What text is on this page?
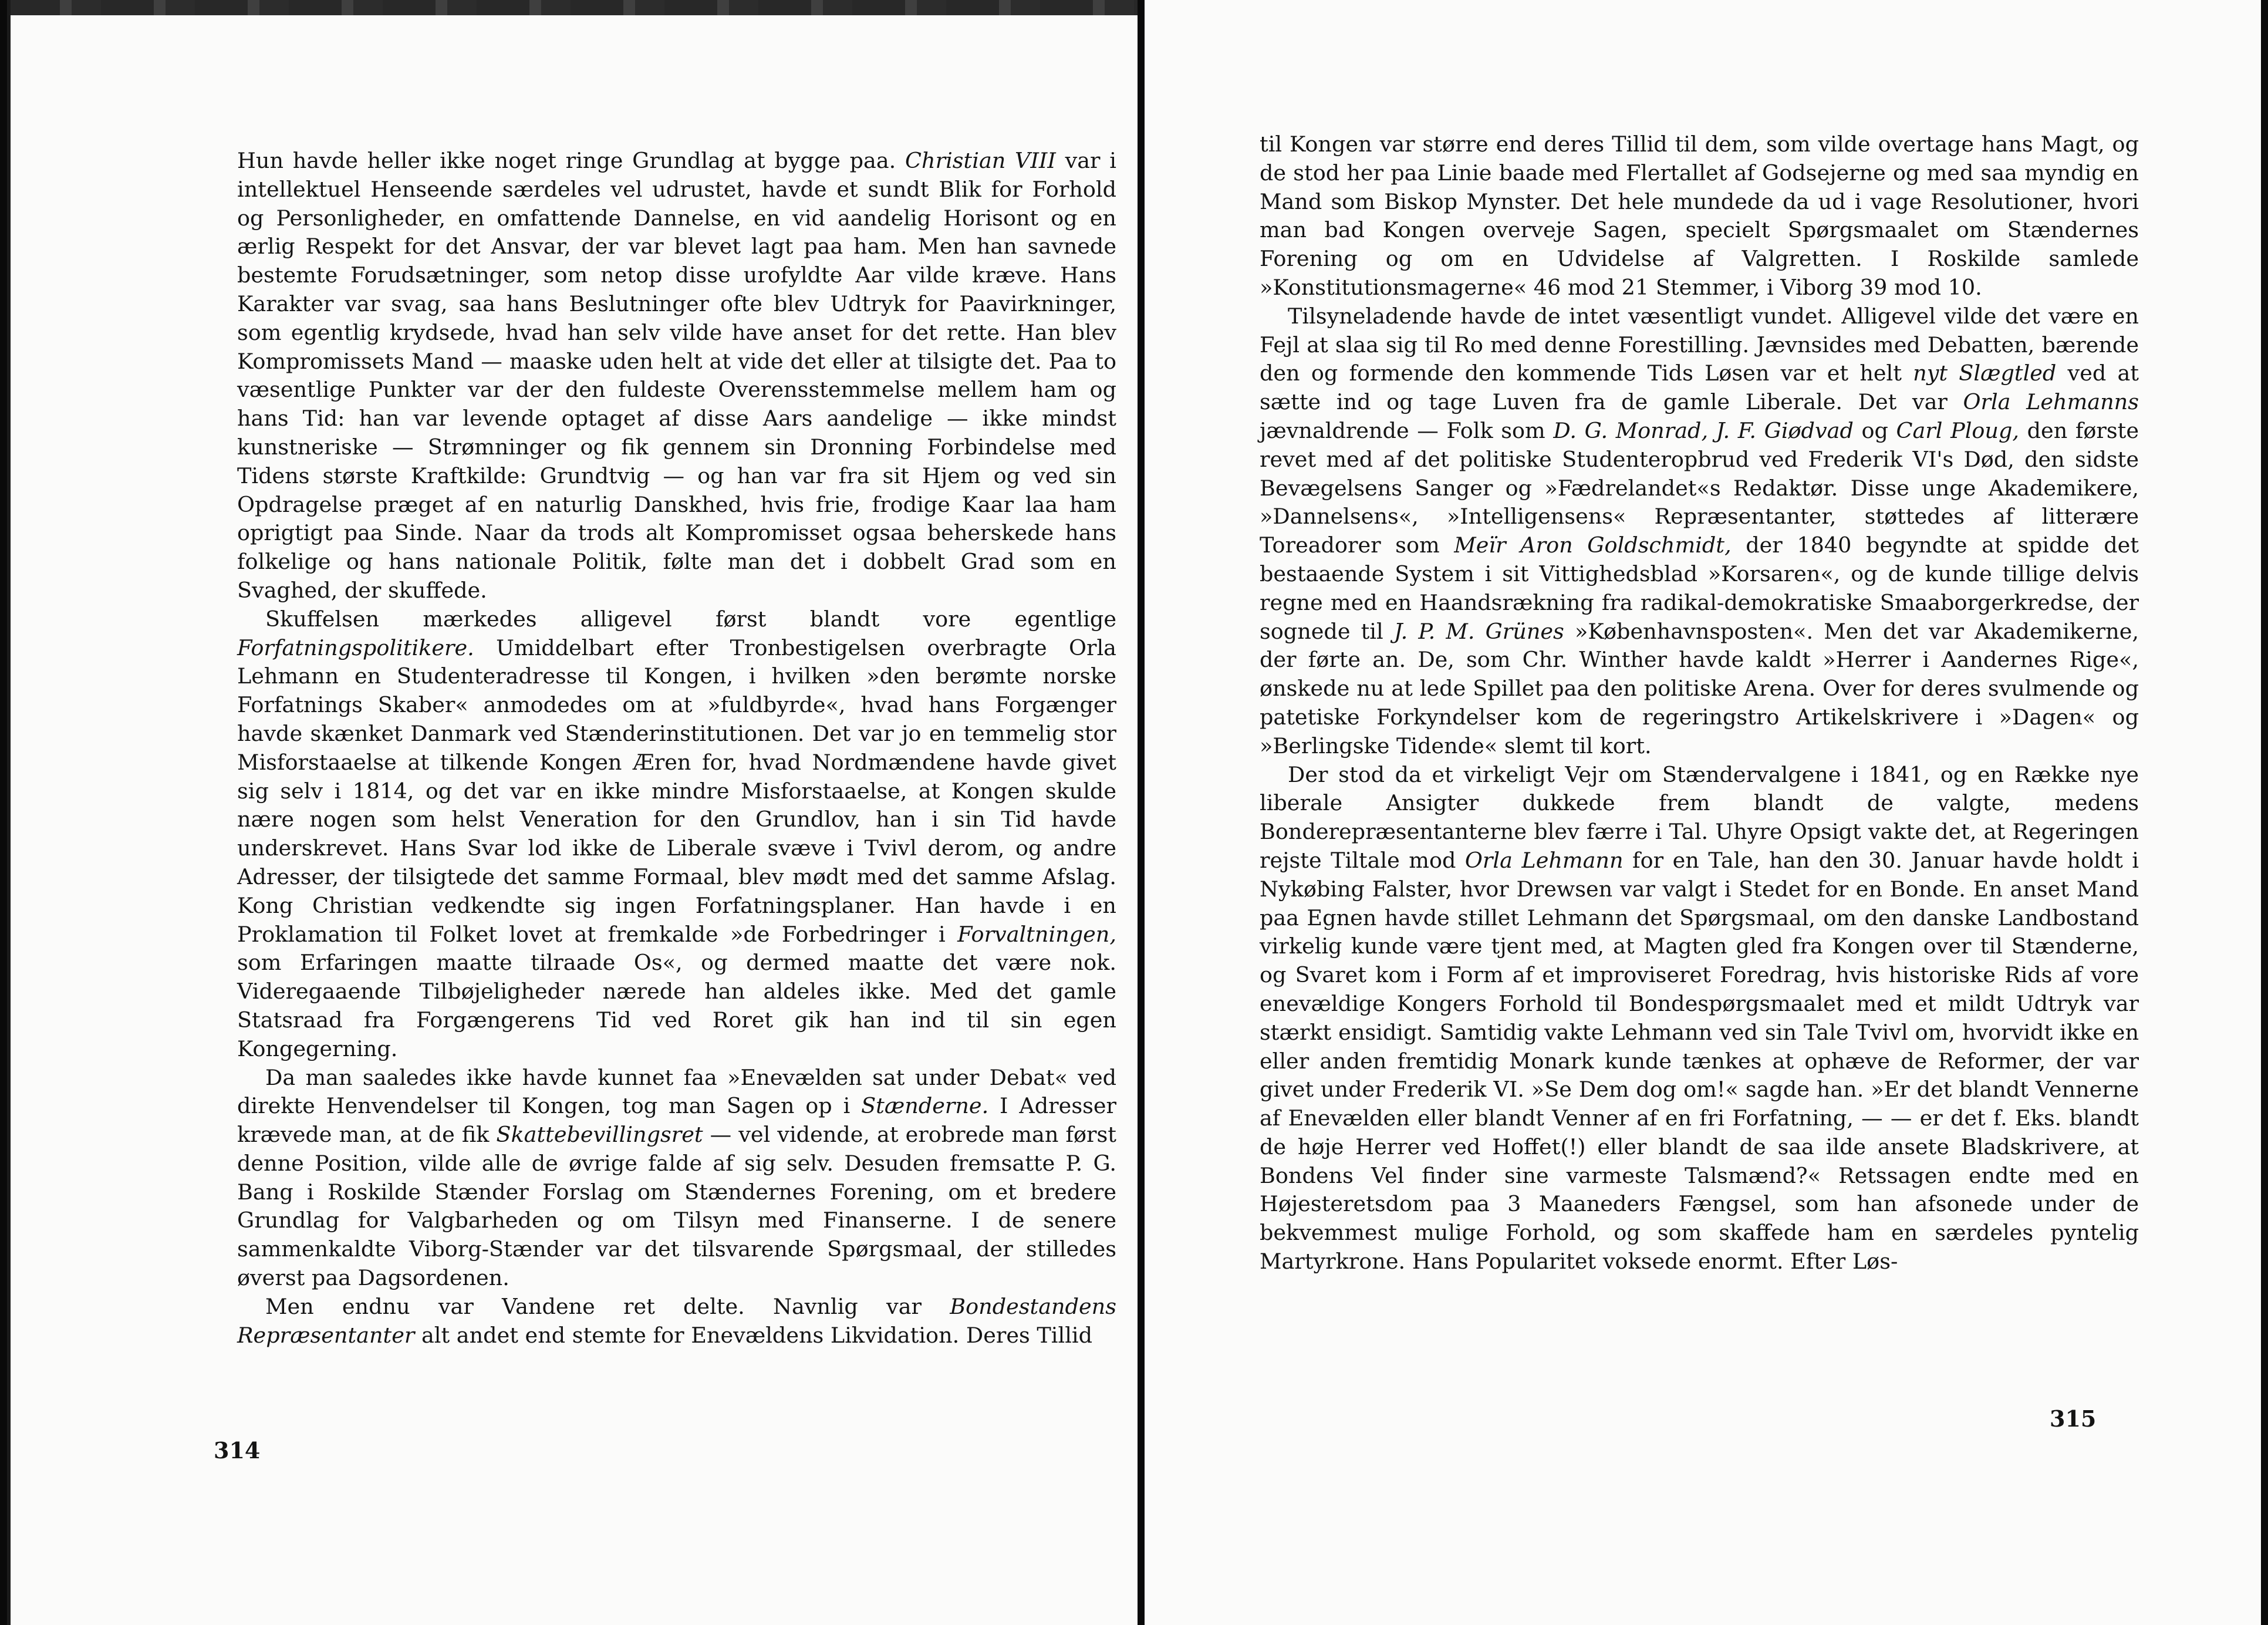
Hun havde heller ikke noget ringe Grundlag at bygge paa. Christian VIII var i intellektuel Henseende særdeles vel udrustet, havde et sundt Blik for Forhold og Personligheder, en omfattende Dannelse, en vid aandelig Horisont og en ærlig Respekt for det Ansvar, der var blevet lagt paa ham. Men han savnede bestemte Forudsætninger, som netop disse urofyldte Aar vilde kræve. Hans Karakter var svag, saa hans Beslutninger ofte blev Udtryk for Paavirkninger, som egentlig krydsede, hvad han selv vilde have anset for det rette. Han blev Kompromissets Mand — maaske uden helt at vide det eller at tilsigte det. Paa to væsentlige Punkter var der den fuldeste Overensstemmelse mellem ham og hans Tid: han var levende optaget af disse Aars aandelige — ikke mindst kunstneriske — Strømninger og fik gennem sin Dronning Forbindelse med Tidens største Kraftkilde: Grundtvig — og han var fra sit Hjem og ved sin Opdragelse præget af en naturlig Danskhed, hvis frie, frodige Kaar laa ham oprigtigt paa Sinde. Naar da trods alt Kompromisset ogsaa beherskede hans folkelige og hans nationale Politik, følte man det i dobbelt Grad som en Svaghed, der skuffede.

Skuffelsen mærkedes alligevel først blandt vore egentlige Forfatningspolitikere. Umiddelbart efter Tronbestigelsen overbragte Orla Lehmann en Studenteradresse til Kongen, i hvilken »den berømte norske Forfatnings Skaber« anmodedes om at »fuldbyrde«, hvad hans Forgænger havde skænket Danmark ved Stænderinstitutionen. Det var jo en temmelig stor Misforstaaelse at tilkende Kongen Æren for, hvad Nordmændene havde givet sig selv i 1814, og det var en ikke mindre Misforstaaelse, at Kongen skulde nære nogen som helst Veneration for den Grundlov, han i sin Tid havde underskrevet. Hans Svar lod ikke de Liberale svæve i Tvivl derom, og andre Adresser, der tilsigtede det samme Formaal, blev mødt med det samme Afslag. Kong Christian vedkendte sig ingen Forfatningsplaner. Han havde i en Proklamation til Folket lovet at fremkalde »de Forbedringer i Forvaltningen, som Erfaringen maatte tilraade Os«, og dermed maatte det være nok. Videregaaende Tilbøjeligheder nærede han aldeles ikke. Med det gamle Statsraad fra Forgængerens Tid ved Roret gik han ind til sin egen Kongegerning.

Da man saaledes ikke havde kunnet faa »Enevælden sat under Debat« ved direkte Henvendelser til Kongen, tog man Sagen op i Stænderne. I Adresser krævede man, at de fik Skattebevillingsret — vel vidende, at erobrede man først denne Position, vilde alle de øvrige falde af sig selv. Desuden fremsatte P. G. Bang i Roskilde Stænder Forslag om Stændernes Forening, om et bredere Grundlag for Valgbarheden og om Tilsyn med Finanserne. I de senere sammenkaldte Viborg-Stænder var det tilsvarende Spørgsmaal, der stilledes øverst paa Dagsordenen.

Men endnu var Vandene ret delte. Navnlig var Bondestandens Repræsentanter alt andet end stemte for Enevældens Likvidation. Deres Tillid

314

til Kongen var større end deres Tillid til dem, som vilde overtage hans Magt, og de stod her paa Linie baade med Flertallet af Godsejerne og med saa myndig en Mand som Biskop Mynster. Det hele mundede da ud i vage Resolutioner, hvori man bad Kongen overveje Sagen, specielt Spørgsmaalet om Stændernes Forening og om en Udvidelse af Valgretten. I Roskilde samlede »Konstitutionsmagerne« 46 mod 21 Stemmer, i Viborg 39 mod 10.

Tilsyneladende havde de intet væsentligt vundet. Alligevel vilde det være en Fejl at slaa sig til Ro med denne Forestilling. Jævnsides med Debatten, bærende den og formende den kommende Tids Løsen var et helt nyt Slægtled ved at sætte ind og tage Luven fra de gamle Liberale. Det var Orla Lehmanns jævnaldrende — Folk som D. G. Monrad, J. F. Giødvad og Carl Ploug, den første revet med af det politiske Studenteropbrud ved Frederik VI's Død, den sidste Bevægelsens Sanger og »Fædrelandet«s Redaktør. Disse unge Akademikere, »Dannelsens«, »Intelligensens« Repræsentanter, støttedes af litterære Toreadorer som Meïr Aron Goldschmidt, der 1840 begyndte at spidde det bestaaende System i sit Vittighedsblad »Korsaren«, og de kunde tillige delvis regne med en Haandsrækning fra radikal-demokratiske Smaaborgerkredse, der sognede til J. P. M. Grünes »Københavnsposten«. Men det var Akademikerne, der førte an. De, som Chr. Winther havde kaldt »Herrer i Aandernes Rige«, ønskede nu at lede Spillet paa den politiske Arena. Over for deres svulmende og patetiske Forkyndelser kom de regeringstro Artikelskrivere i »Dagen« og »Berlingske Tidende« slemt til kort.

Der stod da et virkeligt Vejr om Stændervalgene i 1841, og en Række nye liberale Ansigter dukkede frem blandt de valgte, medens Bonderepræsentanterne blev færre i Tal. Uhyre Opsigt vakte det, at Regeringen rejste Tiltale mod Orla Lehmann for en Tale, han den 30. Januar havde holdt i Nykøbing Falster, hvor Drewsen var valgt i Stedet for en Bonde. En anset Mand paa Egnen havde stillet Lehmann det Spørgsmaal, om den danske Landbostand virkelig kunde være tjent med, at Magten gled fra Kongen over til Stænderne, og Svaret kom i Form af et improviseret Foredrag, hvis historiske Rids af vore enevældige Kongers Forhold til Bondespørgsmaalet med et mildt Udtryk var stærkt ensidigt. Samtidig vakte Lehmann ved sin Tale Tvivl om, hvorvidt ikke en eller anden fremtidig Monark kunde tænkes at ophæve de Reformer, der var givet under Frederik VI. »Se Dem dog om!« sagde han. »Er det blandt Vennerne af Enevælden eller blandt Venner af en fri Forfatning, — — er det f. Eks. blandt de høje Herrer ved Hoffet(!) eller blandt de saa ilde ansete Bladskrivere, at Bondens Vel finder sine varmeste Talsmænd?« Retssagen endte med en Højesteretsdom paa 3 Maaneders Fængsel, som han afsonede under de bekvemmest mulige Forhold, og som skaffede ham en særdeles pyntelig Martyrkrone. Hans Popularitet voksede enormt. Efter Løs-

315
